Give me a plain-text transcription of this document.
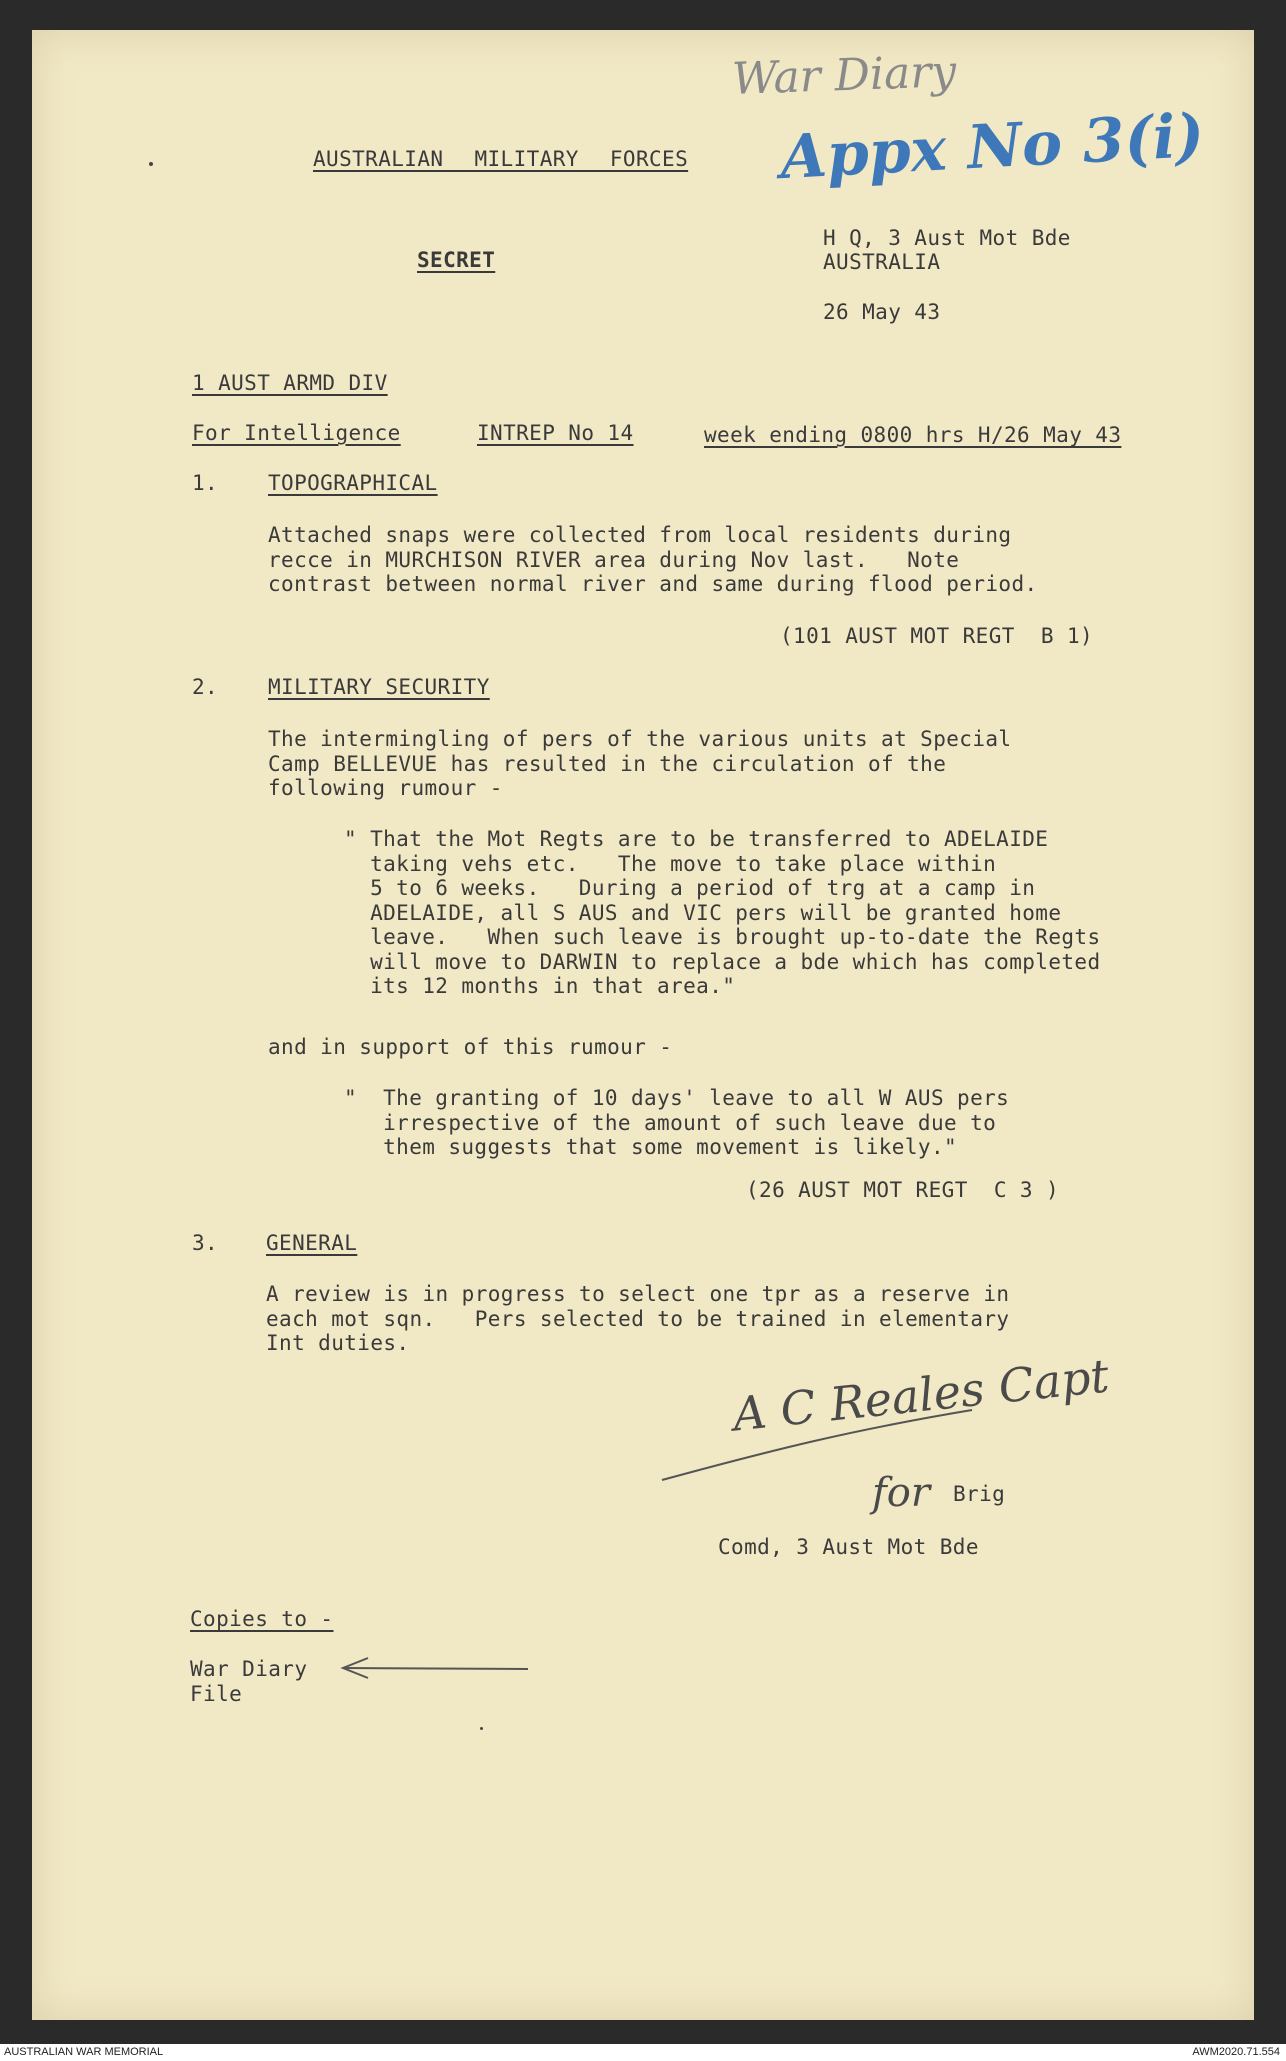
War Diary
Appx No 3(i)
AUSTRALIAN MILITARY FORCES
SECRET
H Q, 3 Aust Mot Bde
AUSTRALIA
26 May 43
1 AUST ARMD DIV
For Intelligence	INTREP No 14	week ending 0800 hrs H/26 May 43
1. TOPOGRAPHICAL
Attached snaps were collected from local residents during
recce in MURCHISON RIVER area during Nov last.   Note
contrast between normal river and same during flood period.
(101 AUST MOT REGT  B 1)
2. MILITARY SECURITY
The intermingling of pers of the various units at Special
Camp BELLEVUE has resulted in the circulation of the
following rumour -
" That the Mot Regts are to be transferred to ADELAIDE
taking vehs etc.   The move to take place within
5 to 6 weeks.   During a period of trg at a camp in
ADELAIDE, all S AUS and VIC pers will be granted home
leave.   When such leave is brought up-to-date the Regts
will move to DARWIN to replace a bde which has completed
its 12 months in that area."
and in support of this rumour -
"  The granting of 10 days' leave to all W AUS pers
irrespective of the amount of such leave due to
them suggests that some movement is likely."
(26 AUST MOT REGT  C 3 )
3. GENERAL
A review is in progress to select one tpr as a reserve in
each mot sqn.   Pers selected to be trained in elementary
Int duties.
A C Reales Capt
for Brig
Comd, 3 Aust Mot Bde
Copies to -
War Diary
File
AUSTRALIAN WAR MEMORIAL	AWM2020.71.554
